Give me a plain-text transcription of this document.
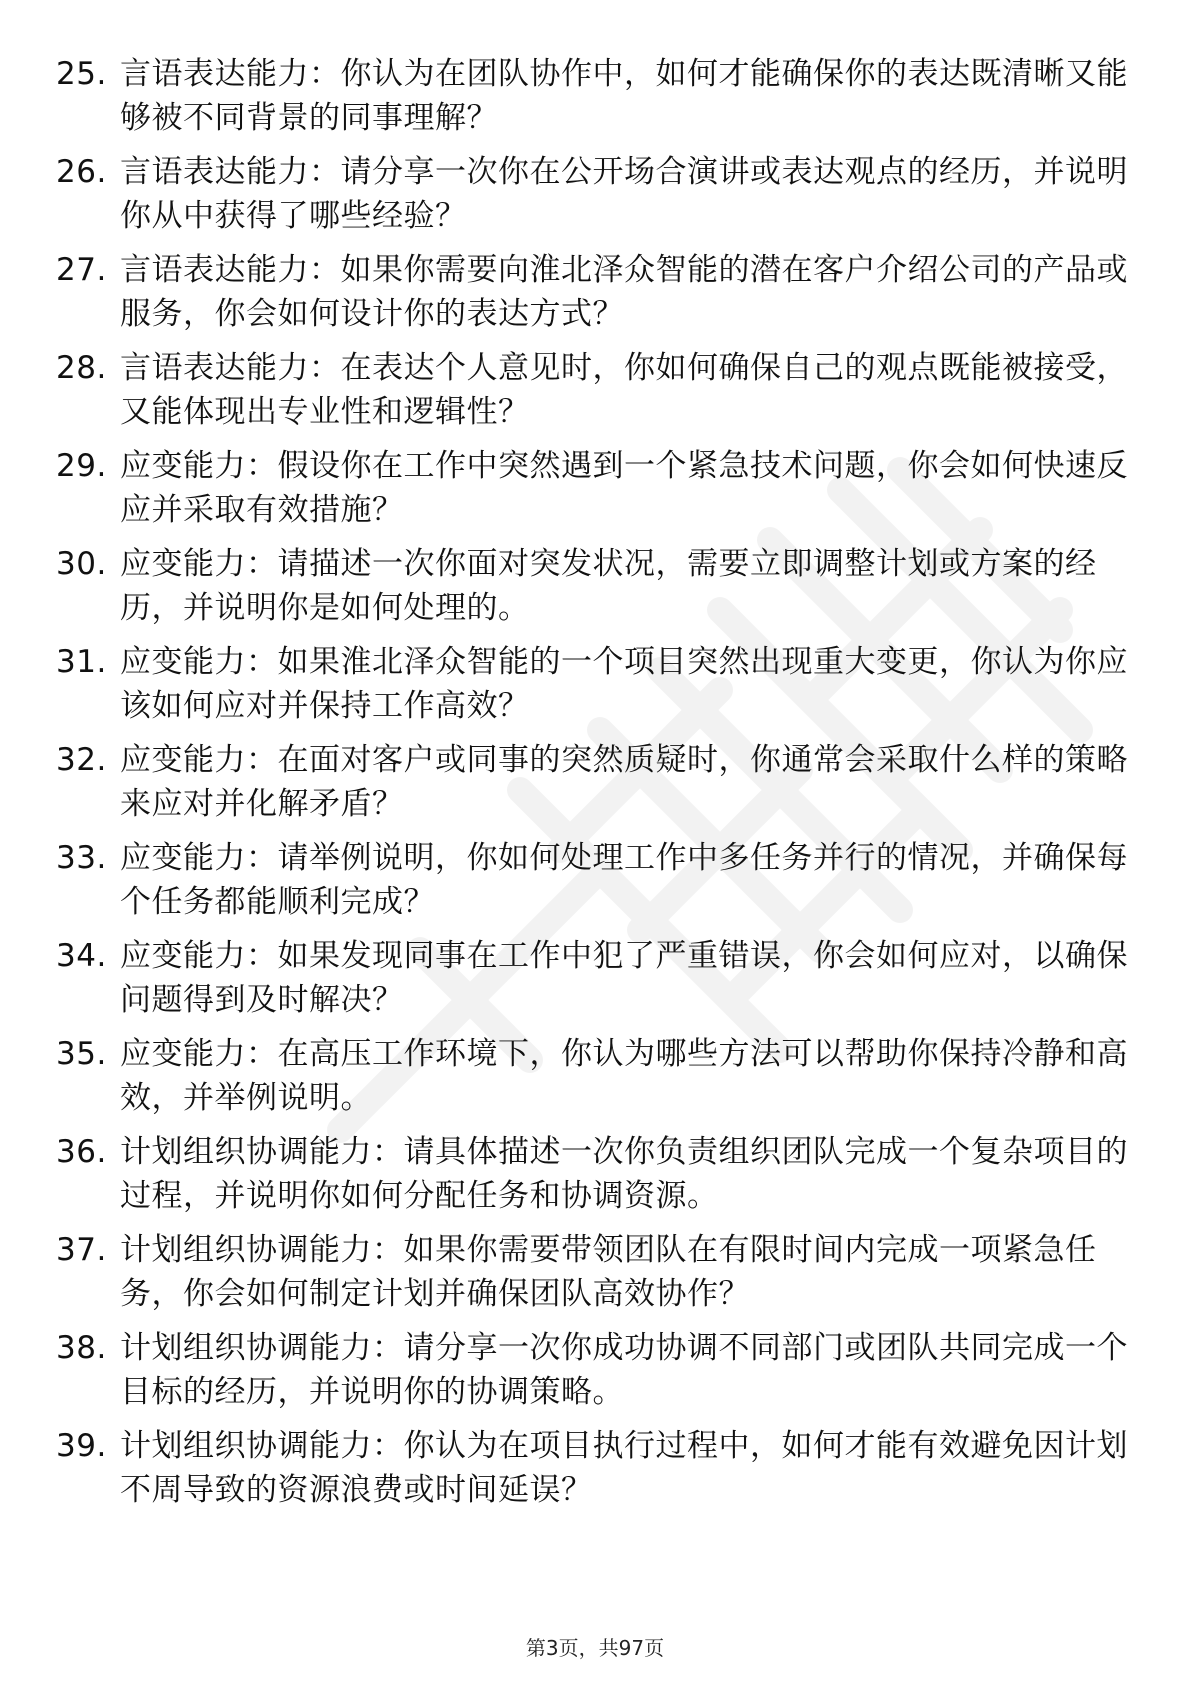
25. 言语表达能力：你认为在团队协作中，如何才能确保你的表达既清晰又能够被不同背景的同事理解？
26. 言语表达能力：请分享一次你在公开场合演讲或表达观点的经历，并说明你从中获得了哪些经验？
27. 言语表达能力：如果你需要向淮北泽众智能的潜在客户介绍公司的产品或服务，你会如何设计你的表达方式？
28. 言语表达能力：在表达个人意见时，你如何确保自己的观点既能被接受，又能体现出专业性和逻辑性？
29. 应变能力：假设你在工作中突然遇到一个紧急技术问题，你会如何快速反应并采取有效措施？
30. 应变能力：请描述一次你面对突发状况，需要立即调整计划或方案的经历，并说明你是如何处理的。
31. 应变能力：如果淮北泽众智能的一个项目突然出现重大变更，你认为你应该如何应对并保持工作高效？
32. 应变能力：在面对客户或同事的突然质疑时，你通常会采取什么样的策略来应对并化解矛盾？
33. 应变能力：请举例说明，你如何处理工作中多任务并行的情况，并确保每个任务都能顺利完成？
34. 应变能力：如果发现同事在工作中犯了严重错误，你会如何应对，以确保问题得到及时解决？
35. 应变能力：在高压工作环境下，你认为哪些方法可以帮助你保持冷静和高效，并举例说明。
36. 计划组织协调能力：请具体描述一次你负责组织团队完成一个复杂项目的过程，并说明你如何分配任务和协调资源。
37. 计划组织协调能力：如果你需要带领团队在有限时间内完成一项紧急任务，你会如何制定计划并确保团队高效协作？
38. 计划组织协调能力：请分享一次你成功协调不同部门或团队共同完成一个目标的经历，并说明你的协调策略。
39. 计划组织协调能力：你认为在项目执行过程中，如何才能有效避免因计划不周导致的资源浪费或时间延误？
第3页，共97页
